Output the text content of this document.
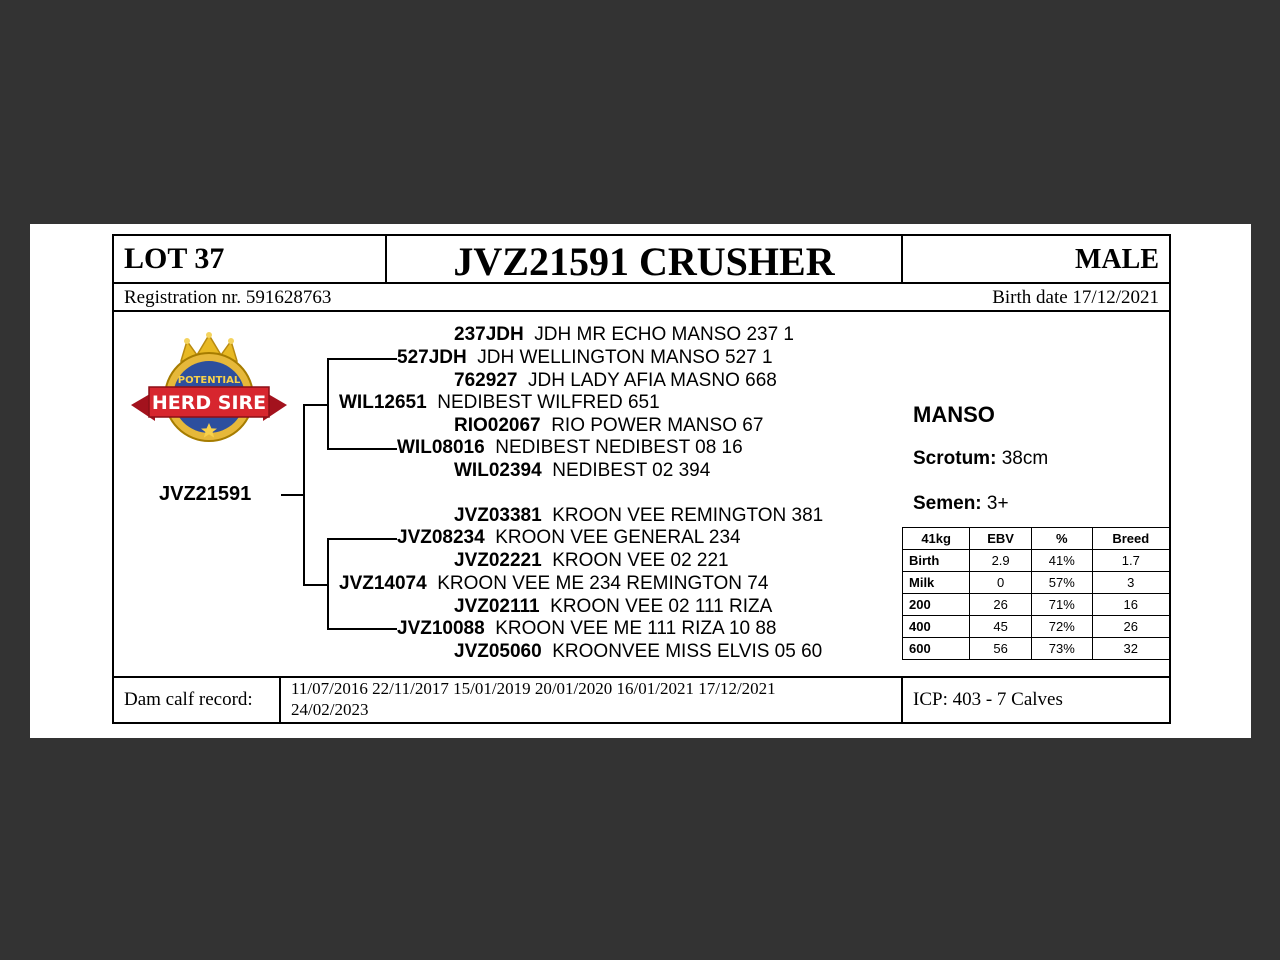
LOT 37	JVZ21591 CRUSHER	MALE
Registration nr. 591628763	Birth date 17/12/2021
POTENTIAL
HERD SIRE
JVZ21591
237JDH JDH MR ECHO MANSO 237 1
527JDH JDH WELLINGTON MANSO 527 1
762927 JDH LADY AFIA MASNO 668
WIL12651 NEDIBEST WILFRED 651
RIO02067 RIO POWER MANSO 67
WIL08016 NEDIBEST NEDIBEST 08 16
WIL02394 NEDIBEST 02 394
JVZ03381 KROON VEE REMINGTON 381
JVZ08234 KROON VEE GENERAL 234
JVZ02221 KROON VEE 02 221
JVZ14074 KROON VEE ME 234 REMINGTON 74
JVZ02111 KROON VEE 02 111 RIZA
JVZ10088 KROON VEE ME 111 RIZA 10 88
JVZ05060 KROONVEE MISS ELVIS 05 60
MANSO
Scrotum: 38cm
Semen: 3+
41kg	EBV	%	Breed
Birth	2.9	41%	1.7
Milk	0	57%	3
200	26	71%	16
400	45	72%	26
600	56	73%	32
Dam calf record:
11/07/2016 22/11/2017 15/01/2019 20/01/2020 16/01/2021 17/12/2021
24/02/2023	ICP: 403 - 7 Calves
